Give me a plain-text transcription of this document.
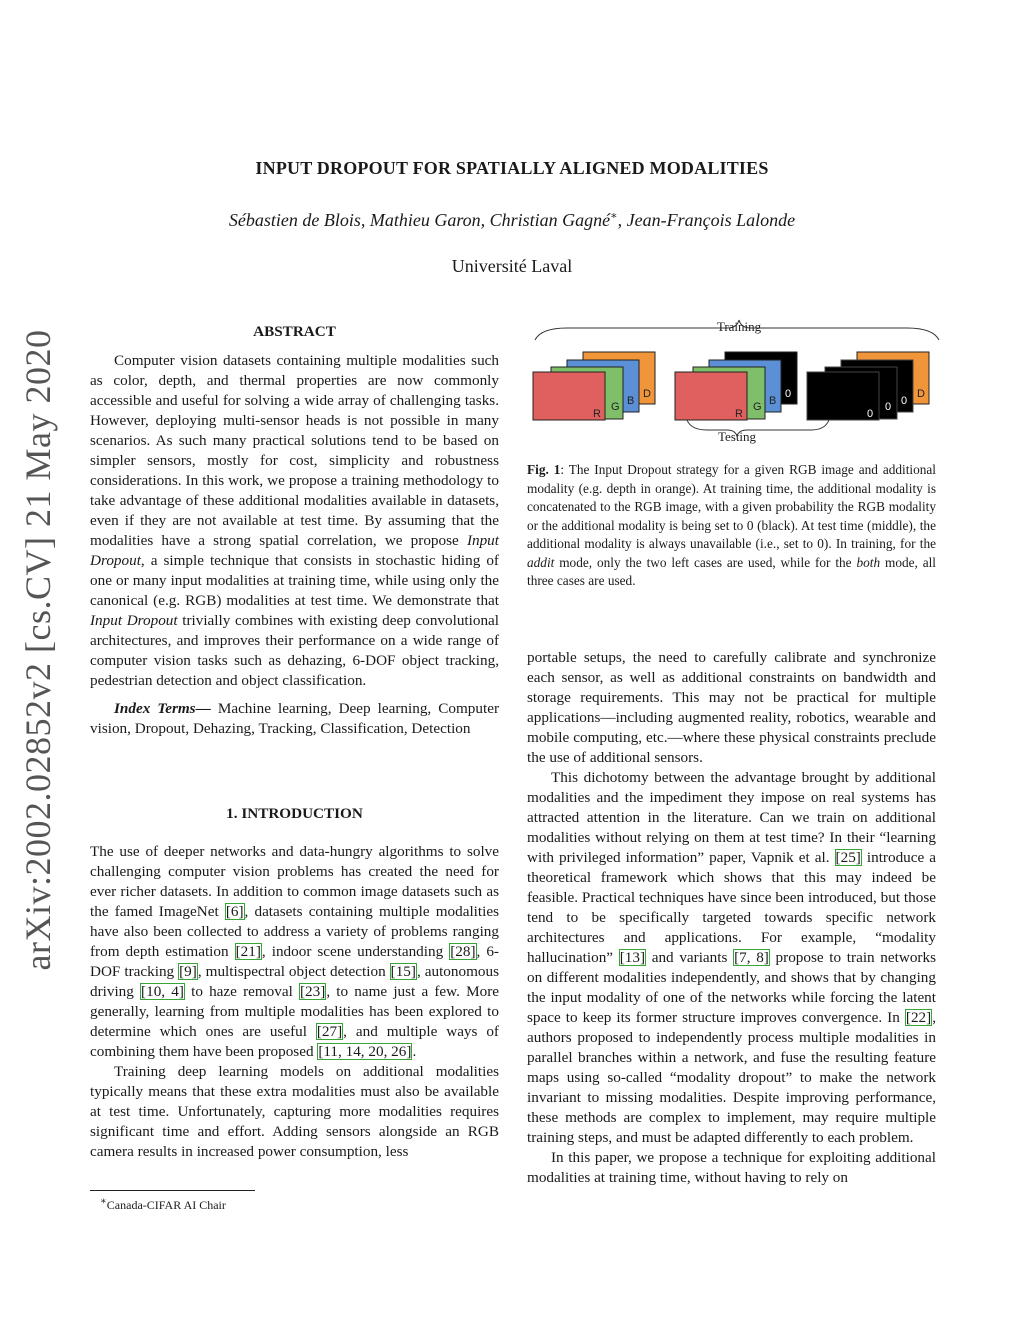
arXiv:2002.02852v2 [cs.CV] 21 May 2020
INPUT DROPOUT FOR SPATIALLY ALIGNED MODALITIES
Sébastien de Blois, Mathieu Garon, Christian Gagné∗, Jean-François Lalonde
Université Laval
ABSTRACT

Computer vision datasets containing multiple modalities such as color, depth, and thermal properties are now commonly accessible and useful for solving a wide array of challenging tasks. However, deploying multi-sensor heads is not possible in many scenarios. As such many practical solutions tend to be based on simpler sensors, mostly for cost, simplicity and robustness considerations. In this work, we propose a training methodology to take advantage of these additional modalities available in datasets, even if they are not available at test time. By assuming that the modalities have a strong spatial correlation, we propose Input Dropout, a simple technique that consists in stochastic hiding of one or many input modalities at training time, while using only the canonical (e.g. RGB) modalities at test time. We demonstrate that Input Dropout trivially combines with existing deep convolutional architectures, and improves their performance on a wide range of computer vision tasks such as dehazing, 6-DOF object tracking, pedestrian detection and object classification.

Index Terms— Machine learning, Deep learning, Computer vision, Dropout, Dehazing, Tracking, Classification, Detection

1. INTRODUCTION

The use of deeper networks and data-hungry algorithms to solve challenging computer vision problems has created the need for ever richer datasets. In addition to common image datasets such as the famed ImageNet [6], datasets containing multiple modalities have also been collected to address a variety of problems ranging from depth estimation [21], indoor scene understanding [28], 6-DOF tracking [9], multispectral object detection [15], autonomous driving [10, 4] to haze removal [23], to name just a few. More generally, learning from multiple modalities has been explored to determine which ones are useful [27], and multiple ways of combining them have been proposed [11, 14, 20, 26].

Training deep learning models on additional modalities typically means that these extra modalities must also be available at test time. Unfortunately, capturing more modalities requires significant time and effort. Adding sensors alongside an RGB camera results in increased power consumption, less

∗Canada-CIFAR AI Chair
Training
R
G B
D
R
G B
0
0
0 0
D
Testing
Fig. 1: The Input Dropout strategy for a given RGB image and additional modality (e.g. depth in orange). At training time, the additional modality is concatenated to the RGB image, with a given probability the RGB modality or the additional modality is being set to 0 (black). At test time (middle), the additional modality is always unavailable (i.e., set to 0). In training, for the addit mode, only the two left cases are used, while for the both mode, all three cases are used.

portable setups, the need to carefully calibrate and synchronize each sensor, as well as additional constraints on bandwidth and storage requirements. This may not be practical for multiple applications—including augmented reality, robotics, wearable and mobile computing, etc.—where these physical constraints preclude the use of additional sensors.

This dichotomy between the advantage brought by additional modalities and the impediment they impose on real systems has attracted attention in the literature. Can we train on additional modalities without relying on them at test time? In their “learning with privileged information” paper, Vapnik et al. [25] introduce a theoretical framework which shows that this may indeed be feasible. Practical techniques have since been introduced, but those tend to be specifically targeted towards specific network architectures and applications. For example, “modality hallucination” [13] and variants [7, 8] propose to train networks on different modalities independently, and shows that by changing the input modality of one of the networks while forcing the latent space to keep its former structure improves convergence. In [22], authors proposed to independently process multiple modalities in parallel branches within a network, and fuse the resulting feature maps using so-called “modality dropout” to make the network invariant to missing modalities. Despite improving performance, these methods are complex to implement, may require multiple training steps, and must be adapted differently to each problem.

In this paper, we propose a technique for exploiting additional modalities at training time, without having to rely on
